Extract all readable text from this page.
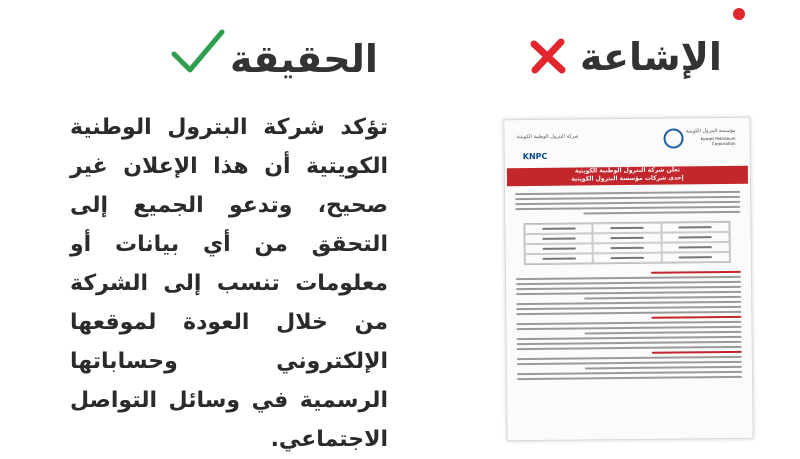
الإشاعة
الحقيقة
تؤكد شركة البترول الوطنية الكويتية أن هذا الإعلان غير صحيح، وتدعو الجميع إلى التحقق من أي بيانات أو معلومات تنسب إلى الشركة من خلال العودة لموقعها الإلكتروني وحساباتها الرسمية في وسائل التواصل الاجتماعي.
شركة البترول الوطنية الكويتية
KNPC
مؤسسة البترول الكويتية
Kuwait Petroleum Corporation
تعلن شركة البترول الوطنية الكويتية
إحدى شركات مؤسسة البترول الكويتية
